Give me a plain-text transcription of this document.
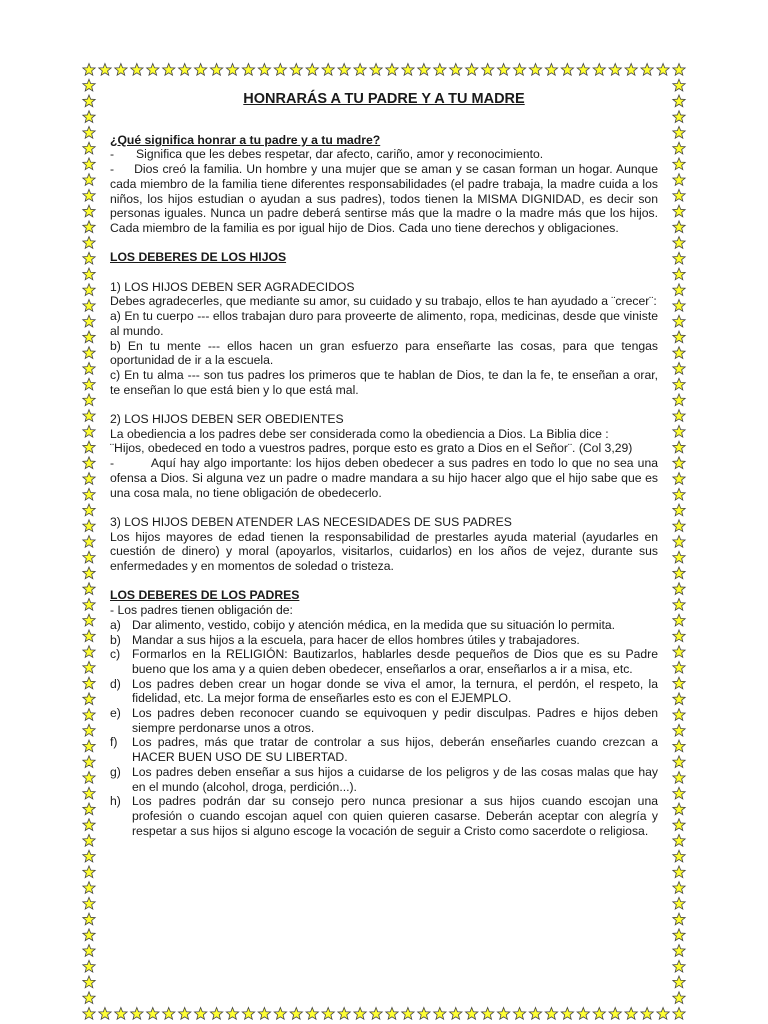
HONRARÁS A TU PADRE Y A TU MADRE
¿Qué significa honrar a tu padre y a tu madre?
-	Significa que les debes respetar, dar afecto, cariño, amor y reconocimiento.
-     Dios creó la familia. Un hombre y una mujer que se aman y se casan forman un hogar. Aunque cada miembro de la familia tiene diferentes responsabilidades (el padre trabaja, la madre cuida a los niños, los hijos estudian o ayudan a sus padres), todos tienen la MISMA DIGNIDAD, es decir son personas iguales. Nunca un padre deberá sentirse más que la madre o la madre más que los hijos. Cada miembro de la familia es por igual hijo de Dios. Cada uno tiene derechos y obligaciones.
LOS DEBERES DE LOS HIJOS
1) LOS HIJOS DEBEN SER AGRADECIDOS
Debes agradecerles, que mediante su amor, su cuidado y su trabajo, ellos te han ayudado a ¨crecer¨:
a) En tu cuerpo --- ellos trabajan duro para proveerte de alimento, ropa, medicinas, desde que viniste al mundo.
b) En tu mente --- ellos hacen un gran esfuerzo para enseñarte las cosas, para que tengas oportunidad de ir a la escuela.
c) En tu alma --- son tus padres los primeros que te hablan de Dios, te dan la fe, te enseñan a orar, te enseñan lo que está bien y lo que está mal.
2) LOS HIJOS DEBEN SER OBEDIENTES
La obediencia a los padres debe ser considerada como la obediencia a Dios. La Biblia dice :
¨Hijos, obedeced en todo a vuestros padres, porque esto es grato a Dios en el Señor¨. (Col 3,29)
-         Aquí hay algo importante: los hijos deben obedecer a sus padres en todo lo que no sea una ofensa a Dios. Si alguna vez un padre o madre mandara a su hijo hacer algo que el hijo sabe que es una cosa mala, no tiene obligación de obedecerlo.
3) LOS HIJOS DEBEN ATENDER LAS NECESIDADES DE SUS PADRES
Los hijos mayores de edad tienen la responsabilidad de prestarles ayuda material (ayudarles en cuestión de dinero) y moral (apoyarlos, visitarlos, cuidarlos) en los años de vejez, durante sus enfermedades y en momentos de soledad o tristeza.
LOS DEBERES DE LOS PADRES
- Los padres tienen obligación de:
a) Dar alimento, vestido, cobijo y atención médica, en la medida que su situación lo permita.
b) Mandar a sus hijos a la escuela, para hacer de ellos hombres útiles y trabajadores.
c) Formarlos en la RELIGIÓN: Bautizarlos, hablarles desde pequeños de Dios que es su Padre bueno que los ama y a quien deben obedecer, enseñarlos a orar, enseñarlos a ir a misa, etc.
d) Los padres deben crear un hogar donde se viva el amor, la ternura, el perdón, el respeto, la fidelidad, etc. La mejor forma de enseñarles esto es con el EJEMPLO.
e) Los padres deben reconocer cuando se equivoquen y pedir disculpas. Padres e hijos deben siempre perdonarse unos a otros.
f)	Los padres, más que tratar de controlar a sus hijos, deberán enseñarles cuando crezcan a HACER BUEN USO DE SU LIBERTAD.
g) Los padres deben enseñar a sus hijos a cuidarse de los peligros y de las cosas malas que hay en el mundo (alcohol, droga, perdición...).
h) Los padres podrán dar su consejo pero nunca presionar a sus hijos cuando escojan una profesión o cuando escojan aquel con quien quieren casarse. Deberán aceptar con alegría y respetar a sus hijos si alguno escoge la vocación de seguir a Cristo como sacerdote o religiosa.
